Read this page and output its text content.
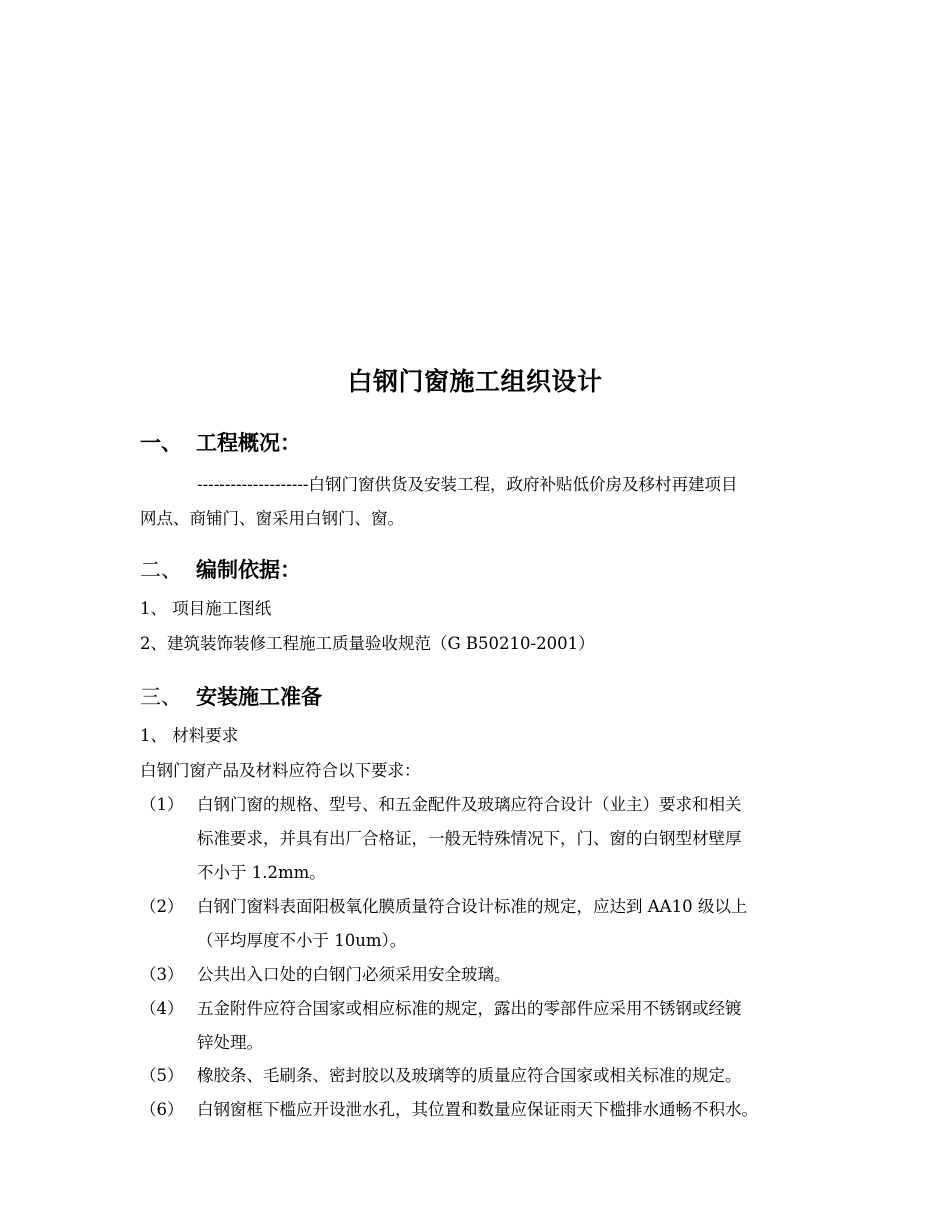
白钢门窗施工组织设计
一、 工程概况：
--------------------白钢门窗供货及安装工程，政府补贴低价房及移村再建项目
网点、商铺门、窗采用白钢门、窗。
二、 编制依据：
1、 项目施工图纸
2、建筑装饰装修工程施工质量验收规范（G B50210-2001）
三、 安装施工准备
1、 材料要求
白钢门窗产品及材料应符合以下要求：
（1） 白钢门窗的规格、型号、和五金配件及玻璃应符合设计（业主）要求和相关
标准要求，并具有出厂合格证，一般无特殊情况下，门、窗的白钢型材壁厚
不小于 1.2mm。
（2） 白钢门窗料表面阳极氧化膜质量符合设计标准的规定，应达到 AA10 级以上
（平均厚度不小于 10um）。
（3） 公共出入口处的白钢门必须采用安全玻璃。
（4） 五金附件应符合国家或相应标准的规定，露出的零部件应采用不锈钢或经镀
锌处理。
（5） 橡胶条、毛刷条、密封胶以及玻璃等的质量应符合国家或相关标准的规定。
（6） 白钢窗框下槛应开设泄水孔，其位置和数量应保证雨天下槛排水通畅不积水。
